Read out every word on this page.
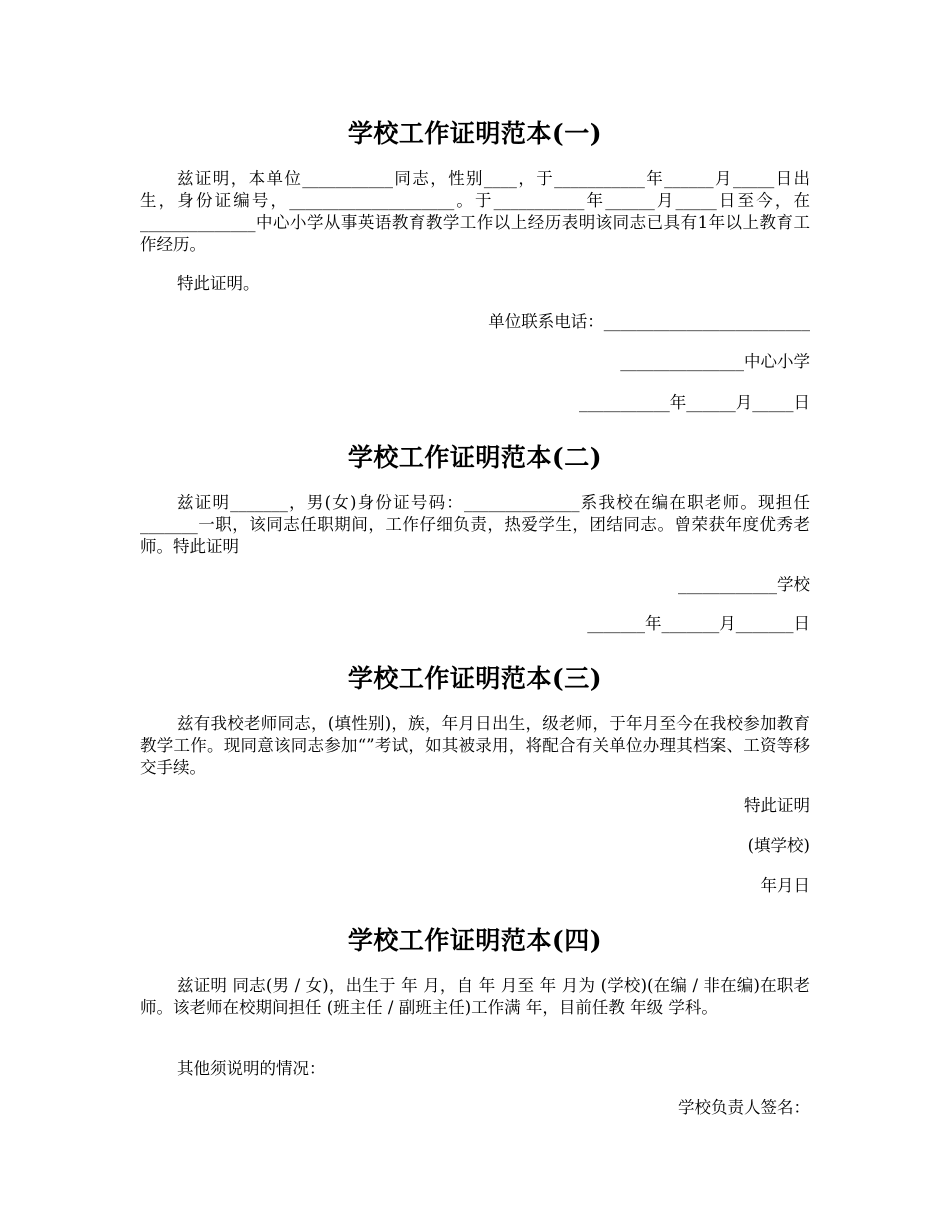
学校工作证明范本(一)

兹证明，本单位___________同志，性别____，于___________年______月_____日出生，身份证编号，____________________。于___________年______月_____日至今，在______________中心小学从事英语教育教学工作以上经历表明该同志已具有1年以上教育工作经历。

特此证明。

单位联系电话：_________________________

_______________中心小学

___________年______月_____日

学校工作证明范本(二)

兹证明_______，男(女)身份证号码：______________系我校在编在职老师。现担任_______一职，该同志任职期间，工作仔细负责，热爱学生，团结同志。曾荣获年度优秀老师。特此证明

____________学校

_______年_______月_______日

学校工作证明范本(三)

兹有我校老师同志，(填性别)，族，年月日出生，级老师，于年月至今在我校参加教育教学工作。现同意该同志参加“”考试，如其被录用，将配合有关单位办理其档案、工资等移交手续。

特此证明

(填学校)

年月日

学校工作证明范本(四)

兹证明 同志(男 / 女)，出生于 年 月，自 年 月至 年 月为 (学校)(在编 / 非在编)在职老师。该老师在校期间担任 (班主任 / 副班主任)工作满 年，目前任教 年级 学科。

其他须说明的情况：

学校负责人签名：
